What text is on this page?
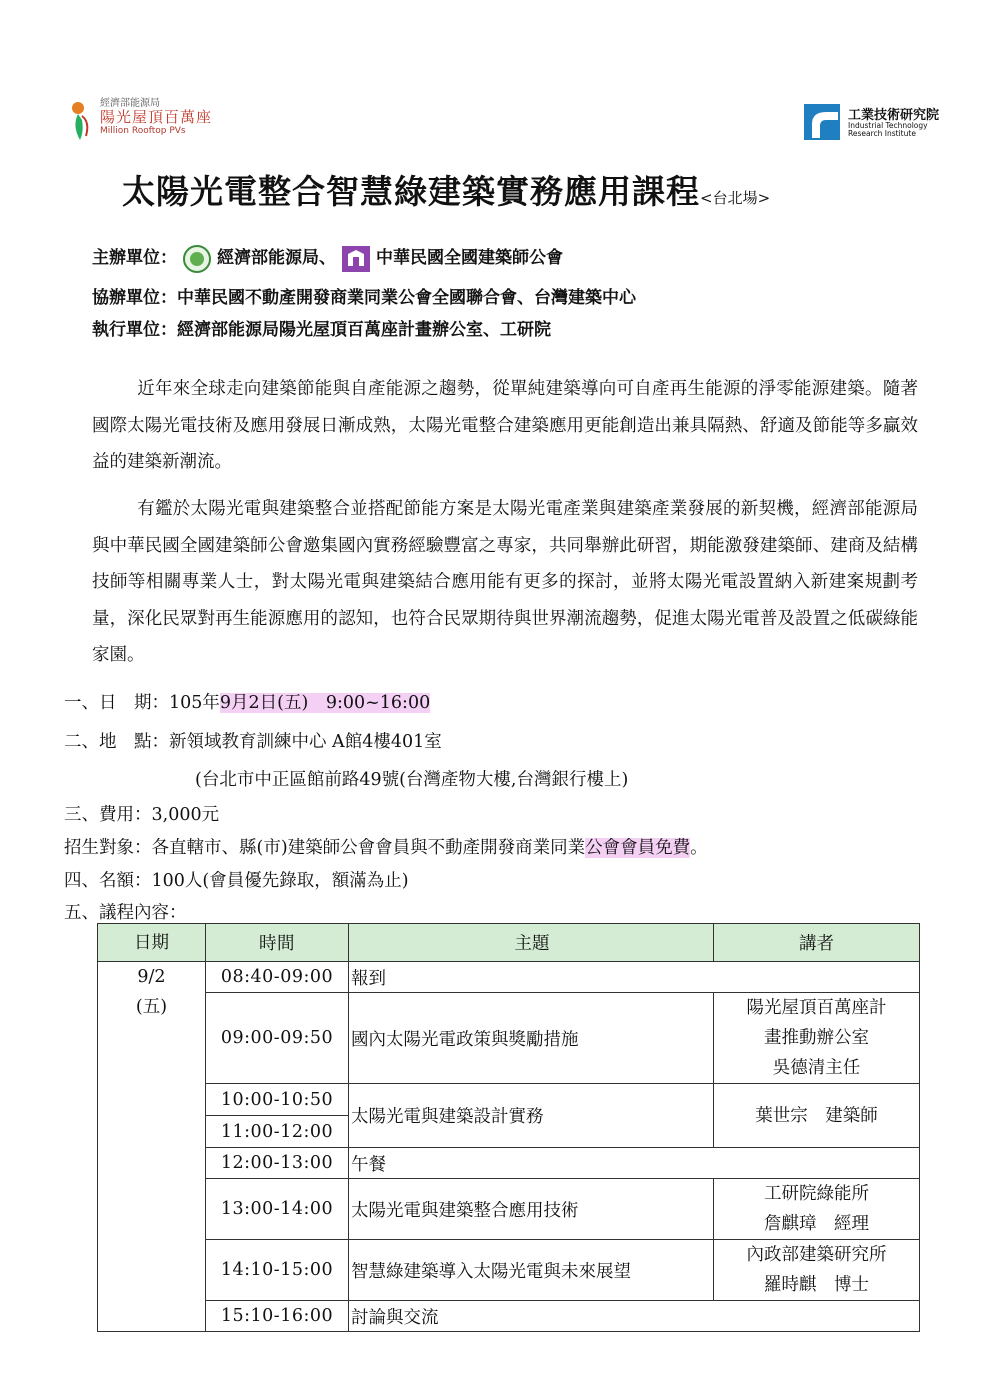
經濟部能源局
陽光屋頂百萬座
Million Rooftop PVs
工業技術研究院
Industrial Technology
Research Institute
太陽光電整合智慧綠建築實務應用課程<台北場>
主辦單位： 經濟部能源局、 中華民國全國建築師公會
協辦單位：中華民國不動產開發商業同業公會全國聯合會、台灣建築中心
執行單位：經濟部能源局陽光屋頂百萬座計畫辦公室、工研院
近年來全球走向建築節能與自產能源之趨勢，從單純建築導向可自產再生能源的淨零能源建築。隨著國際太陽光電技術及應用發展日漸成熟，太陽光電整合建築應用更能創造出兼具隔熱、舒適及節能等多贏效益的建築新潮流。
有鑑於太陽光電與建築整合並搭配節能方案是太陽光電產業與建築產業發展的新契機，經濟部能源局與中華民國全國建築師公會邀集國內實務經驗豐富之專家，共同舉辦此研習，期能激發建築師、建商及結構技師等相關專業人士，對太陽光電與建築結合應用能有更多的探討，並將太陽光電設置納入新建案規劃考量，深化民眾對再生能源應用的認知，也符合民眾期待與世界潮流趨勢，促進太陽光電普及設置之低碳綠能家園。
一、日　期：105年9月2日(五)　9:00~16:00
二、地　點：新領域教育訓練中心 A館4樓401室
(台北市中正區館前路49號(台灣產物大樓,台灣銀行樓上)
三、費用：3,000元
招生對象：各直轄市、縣(市)建築師公會會員與不動產開發商業同業公會會員免費。
四、名額：100人(會員優先錄取，額滿為止)
五、議程內容：
日期	時間	主題	講者

9/2
(五)	08:40-09:00	報到	
	09:00-09:50	國內太陽光電政策與獎勵措施	陽光屋頂百萬座計
畫推動辦公室
吳德清主任

	10:00-10:50	太陽光電與建築設計實務	葉世宗　建築師
	11:00-12:00		
	12:00-13:00	午餐	
	13:00-14:00	太陽光電與建築整合應用技術	工研院綠能所
詹麒璋　經理

	14:10-15:00	智慧綠建築導入太陽光電與未來展望	內政部建築研究所
羅時麒　博士

	15:10-16:00	討論與交流	
